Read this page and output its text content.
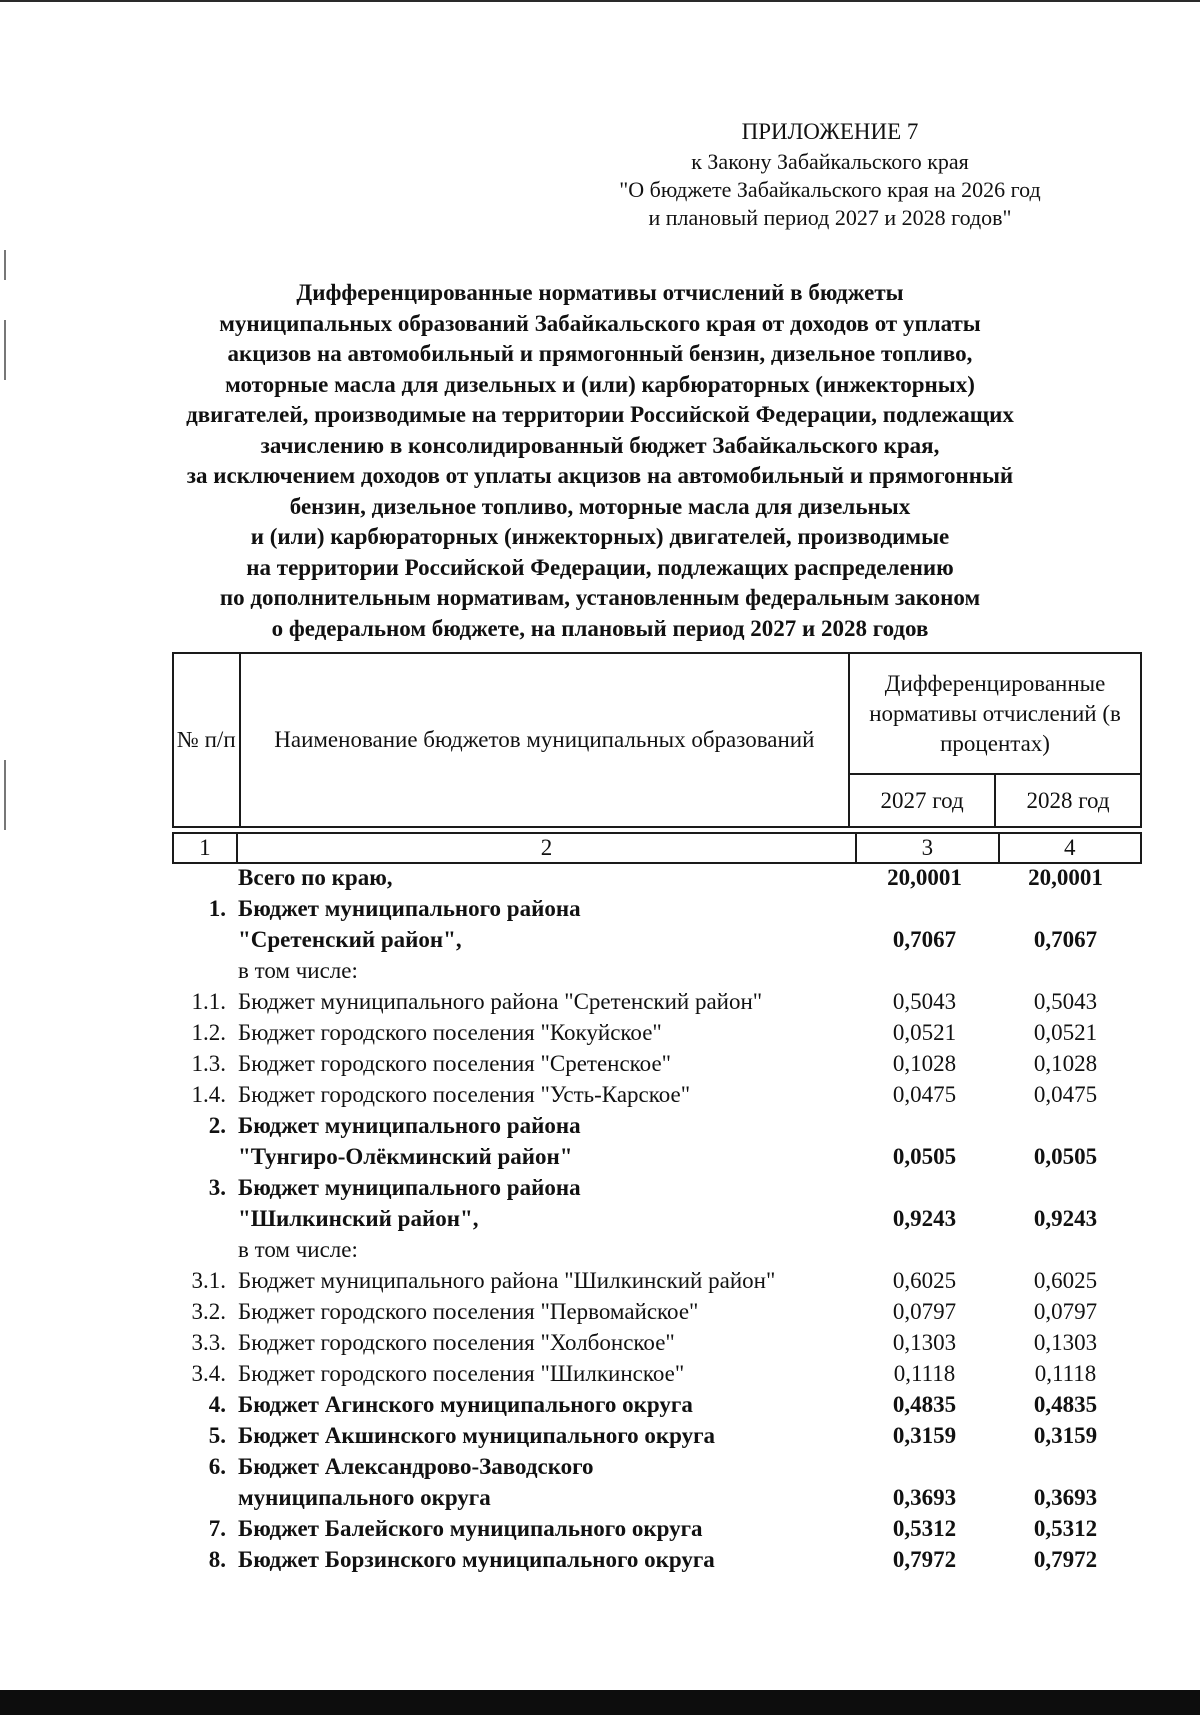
ПРИЛОЖЕНИЕ 7
к Закону Забайкальского края
"О бюджете Забайкальского края на 2026 год
и плановый период 2027 и 2028 годов"
Дифференцированные нормативы отчислений в бюджеты
муниципальных образований Забайкальского края от доходов от уплаты
акцизов на автомобильный и прямогонный бензин, дизельное топливо,
моторные масла для дизельных и (или) карбюраторных (инжекторных)
двигателей, производимые на территории Российской Федерации, подлежащих
зачислению в консолидированный бюджет Забайкальского края,
за исключением доходов от уплаты акцизов на автомобильный и прямогонный
бензин, дизельное топливо, моторные масла для дизельных
и (или) карбюраторных (инжекторных) двигателей, производимые
на территории Российской Федерации, подлежащих распределению
по дополнительным нормативам, установленным федеральным законом
о федеральном бюджете, на плановый период 2027 и 2028 годов
№ п/п	Наименование бюджетов муниципальных образований	Дифференцированные нормативы отчислений (в процентах)	
		2027 год	2028 год
1	2	3	4
Всего по краю,	20,0001	20,0001
1.
Бюджет муниципального района
"Сретенский район",	0,7067	0,7067
в том числе:

1.1. Бюджет муниципального района "Сретенский район"	0,5043	0,5043
1.2. Бюджет городского поселения "Кокуйское"	0,0521	0,0521
1.3. Бюджет городского поселения "Сретенское"	0,1028	0,1028
1.4. Бюджет городского поселения "Усть-Карское"	0,0475	0,0475
2.
Бюджет муниципального района
"Тунгиро-Олёкминский район"	0,0505	0,0505
3.
Бюджет муниципального района
"Шилкинский район",	0,9243	0,9243
в том числе:

3.1. Бюджет муниципального района "Шилкинский район"	0,6025	0,6025
3.2. Бюджет городского поселения "Первомайское"	0,0797	0,0797
3.3. Бюджет городского поселения "Холбонское"	0,1303	0,1303
3.4. Бюджет городского поселения "Шилкинское"	0,1118	0,1118
4. Бюджет Агинского муниципального округа	0,4835	0,4835
5. Бюджет Акшинского муниципального округа	0,3159	0,3159
6.
Бюджет Александрово-Заводского
муниципального округа	0,3693	0,3693
7. Бюджет Балейского муниципального округа	0,5312	0,5312
8. Бюджет Борзинского муниципального округа	0,7972	0,7972
